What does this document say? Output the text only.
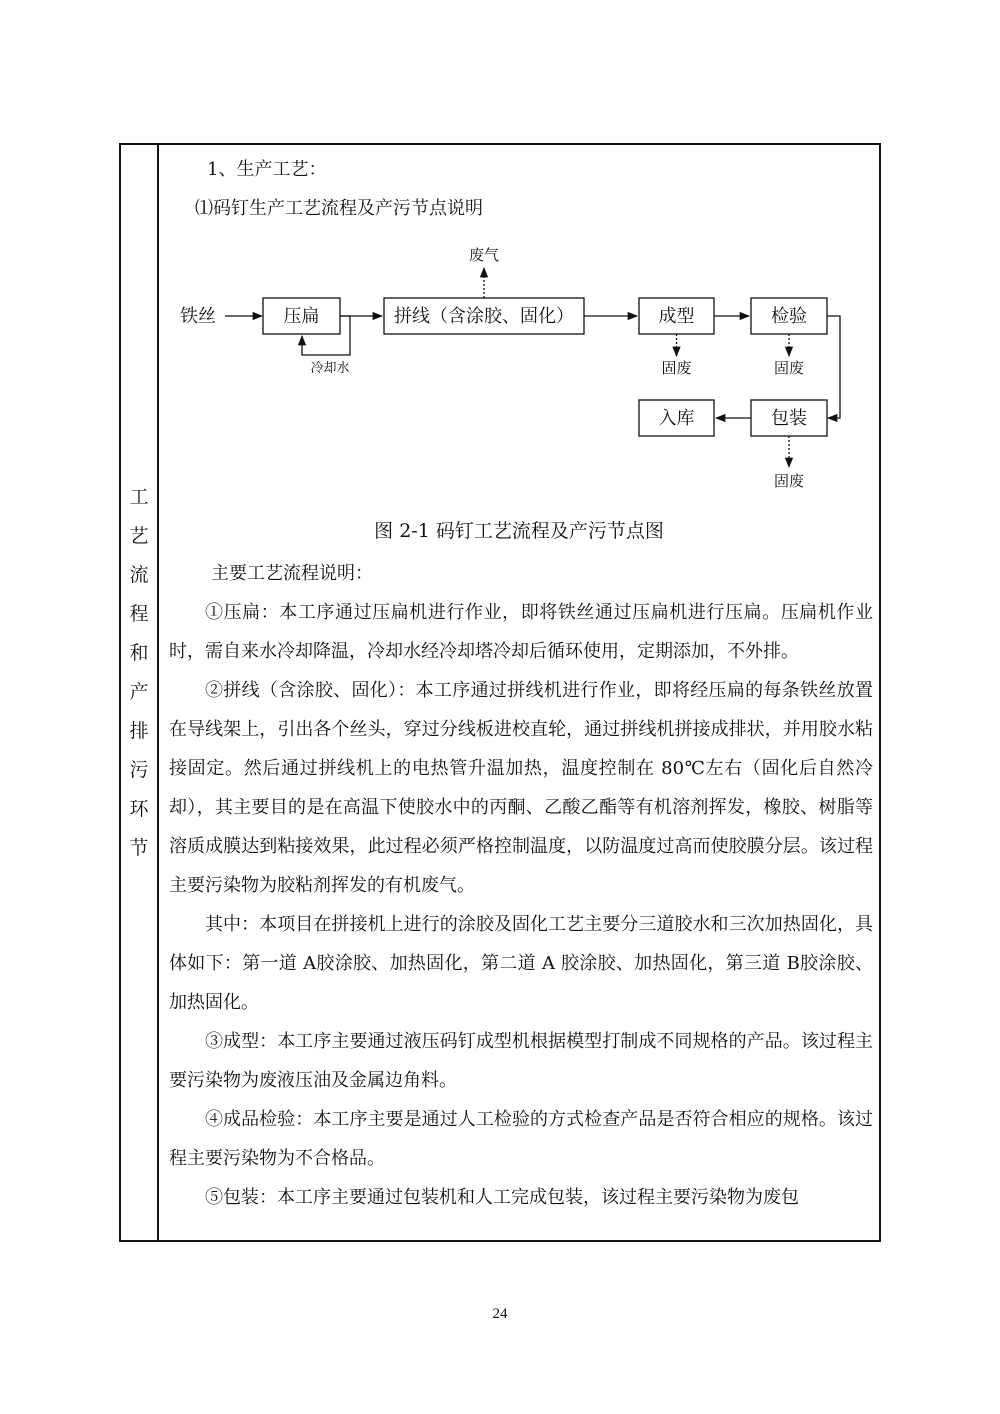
工
艺
流
程
和
产
排
污
环
节
1、生产工艺：
⑴码钉生产工艺流程及产污节点说明
铁丝	压扁
冷却水
拼线（含涂胶、固化）
废气
成型
固废
检验
固废
包装
固废
入库
图 2-1 码钉工艺流程及产污节点图

主要工艺流程说明：

①压扁：本工序通过压扁机进行作业，即将铁丝通过压扁机进行压扁。压扁机作业时，需自来水冷却降温，冷却水经冷却塔冷却后循环使用，定期添加，不外排。

②拼线（含涂胶、固化）：本工序通过拼线机进行作业，即将经压扁的每条铁丝放置在导线架上，引出各个丝头，穿过分线板进校直轮，通过拼线机拼接成排状，并用胶水粘接固定。然后通过拼线机上的电热管升温加热，温度控制在 80℃左右（固化后自然冷却），其主要目的是在高温下使胶水中的丙酮、乙酸乙酯等有机溶剂挥发，橡胶、树脂等溶质成膜达到粘接效果，此过程必须严格控制温度，以防温度过高而使胶膜分层。该过程主要污染物为胶粘剂挥发的有机废气。

其中：本项目在拼接机上进行的涂胶及固化工艺主要分三道胶水和三次加热固化，具体如下：第一道 A胶涂胶、加热固化，第二道 A 胶涂胶、加热固化，第三道 B胶涂胶、加热固化。

③成型：本工序主要通过液压码钉成型机根据模型打制成不同规格的产品。该过程主要污染物为废液压油及金属边角料。

④成品检验：本工序主要是通过人工检验的方式检查产品是否符合相应的规格。该过程主要污染物为不合格品。

⑤包装：本工序主要通过包装机和人工完成包装，该过程主要污染物为废包

24
